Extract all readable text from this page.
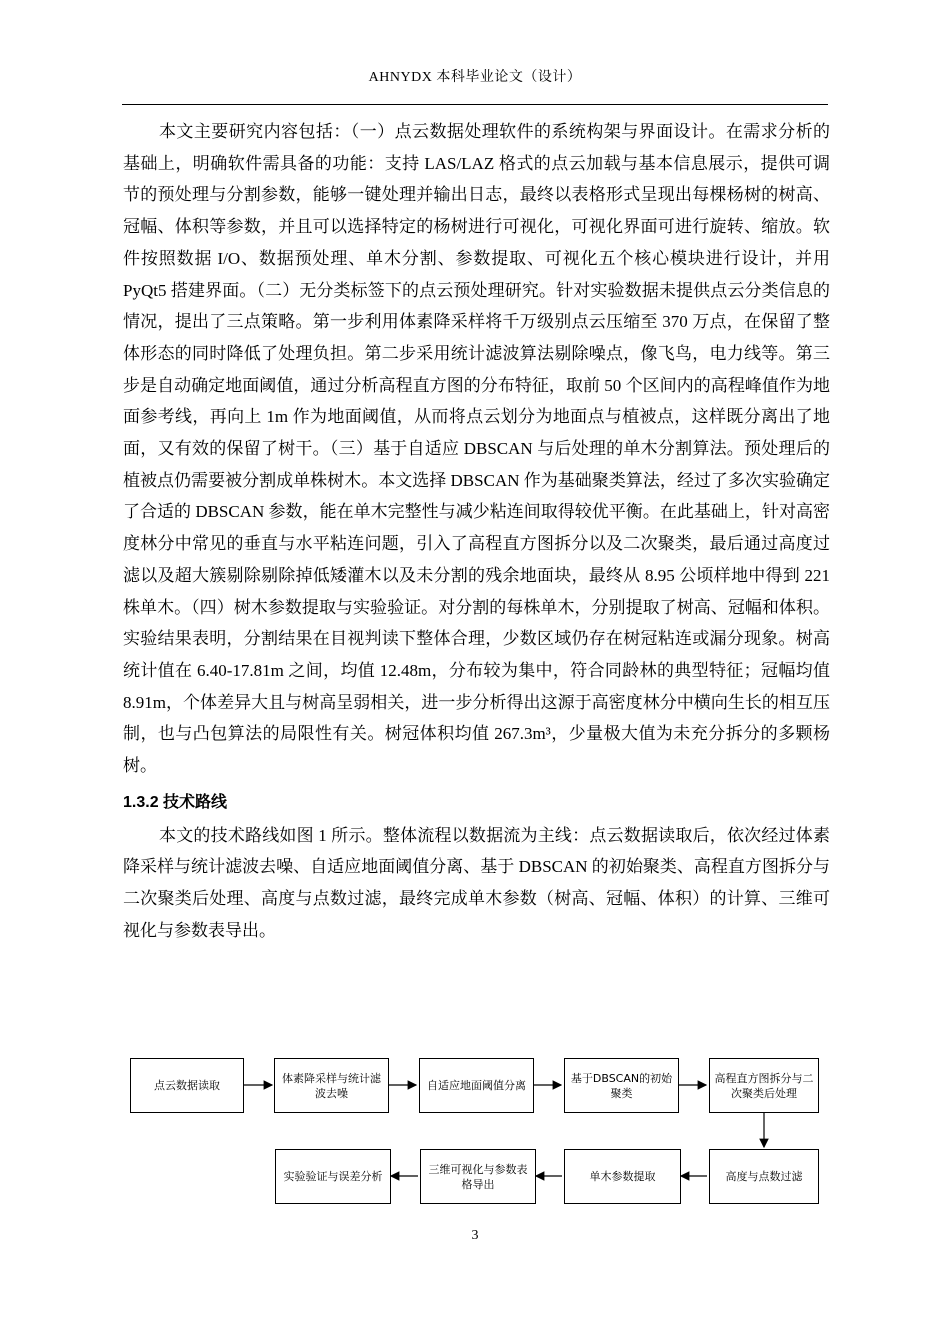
AHNYDX 本科毕业论文（设计）

本文主要研究内容包括：（一）点云数据处理软件的系统构架与界面设计。在需求分析的基础上，明确软件需具备的功能：支持 LAS/LAZ 格式的点云加载与基本信息展示，提供可调节的预处理与分割参数，能够一键处理并输出日志，最终以表格形式呈现出每棵杨树的树高、冠幅、体积等参数，并且可以选择特定的杨树进行可视化，可视化界面可进行旋转、缩放。软件按照数据 I/O、数据预处理、单木分割、参数提取、可视化五个核心模块进行设计，并用 PyQt5 搭建界面。（二）无分类标签下的点云预处理研究。针对实验数据未提供点云分类信息的情况，提出了三点策略。第一步利用体素降采样将千万级别点云压缩至 370 万点，在保留了整体形态的同时降低了处理负担。第二步采用统计滤波算法剔除噪点，像飞鸟，电力线等。第三步是自动确定地面阈值，通过分析高程直方图的分布特征，取前 50 个区间内的高程峰值作为地面参考线，再向上 1m 作为地面阈值，从而将点云划分为地面点与植被点，这样既分离出了地面，又有效的保留了树干。（三）基于自适应 DBSCAN 与后处理的单木分割算法。预处理后的植被点仍需要被分割成单株树木。本文选择 DBSCAN 作为基础聚类算法，经过了多次实验确定了合适的 DBSCAN 参数，能在单木完整性与减少粘连间取得较优平衡。在此基础上，针对高密度林分中常见的垂直与水平粘连问题，引入了高程直方图拆分以及二次聚类，最后通过高度过滤以及超大簇剔除剔除掉低矮灌木以及未分割的残余地面块，最终从 8.95 公顷样地中得到 221 株单木。（四）树木参数提取与实验验证。对分割的每株单木，分别提取了树高、冠幅和体积。实验结果表明，分割结果在目视判读下整体合理，少数区域仍存在树冠粘连或漏分现象。树高统计值在 6.40-17.81m 之间，均值 12.48m，分布较为集中，符合同龄林的典型特征；冠幅均值 8.91m，个体差异大且与树高呈弱相关，进一步分析得出这源于高密度林分中横向生长的相互压制，也与凸包算法的局限性有关。树冠体积均值 267.3m³，少量极大值为未充分拆分的多颗杨树。

1.3.2 技术路线

本文的技术路线如图 1 所示。整体流程以数据流为主线：点云数据读取后，依次经过体素降采样与统计滤波去噪、自适应地面阈值分离、基于 DBSCAN 的初始聚类、高程直方图拆分与二次聚类后处理、高度与点数过滤，最终完成单木参数（树高、冠幅、体积）的计算、三维可视化与参数表导出。

点云数据读取
体素降采样与统计滤波去噪
自适应地面阈值分离
基于DBSCAN的初始聚类
高程直方图拆分与二次聚类后处理
实验验证与误差分析
三维可视化与参数表格导出
单木参数提取	高度与点数过滤
3
